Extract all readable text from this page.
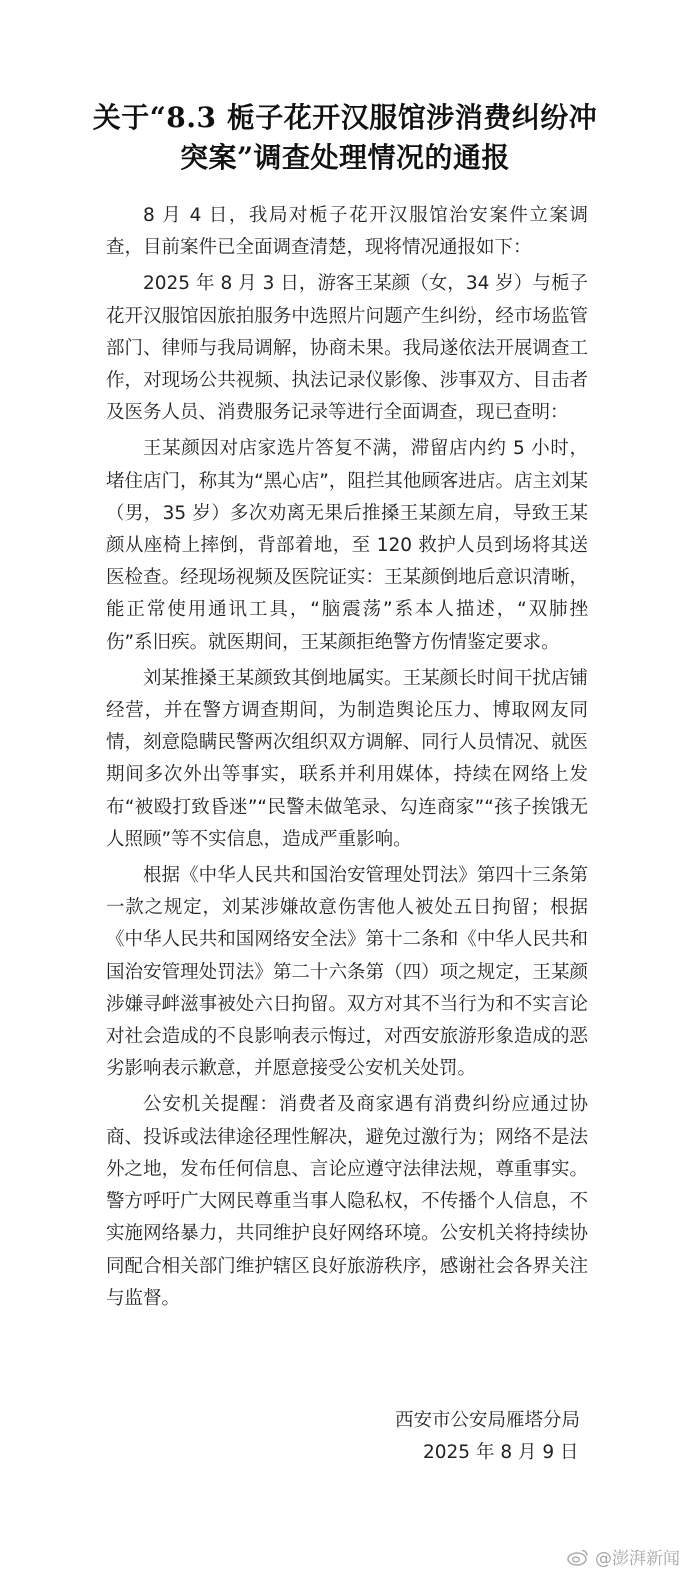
关于“8.3 栀子花开汉服馆涉消费纠纷冲突案”调查处理情况的通报

8 月 4 日，我局对栀子花开汉服馆治安案件立案调查，目前案件已全面调查清楚，现将情况通报如下：

2025 年 8 月 3 日，游客王某颜（女，34 岁）与栀子花开汉服馆因旅拍服务中选照片问题产生纠纷，经市场监管部门、律师与我局调解，协商未果。我局遂依法开展调查工作，对现场公共视频、执法记录仪影像、涉事双方、目击者及医务人员、消费服务记录等进行全面调查，现已查明：

王某颜因对店家选片答复不满，滞留店内约 5 小时，堵住店门，称其为“黑心店”，阻拦其他顾客进店。店主刘某（男，35 岁）多次劝离无果后推搡王某颜左肩，导致王某颜从座椅上摔倒，背部着地，至 120 救护人员到场将其送医检查。经现场视频及医院证实：王某颜倒地后意识清晰，能正常使用通讯工具，“脑震荡”系本人描述，“双肺挫伤”系旧疾。就医期间，王某颜拒绝警方伤情鉴定要求。

刘某推搡王某颜致其倒地属实。王某颜长时间干扰店铺经营，并在警方调查期间，为制造舆论压力、博取网友同情，刻意隐瞒民警两次组织双方调解、同行人员情况、就医期间多次外出等事实，联系并利用媒体，持续在网络上发布“被殴打致昏迷”“民警未做笔录、勾连商家”“孩子挨饿无人照顾”等不实信息，造成严重影响。

根据《中华人民共和国治安管理处罚法》第四十三条第一款之规定，刘某涉嫌故意伤害他人被处五日拘留；根据《中华人民共和国网络安全法》第十二条和《中华人民共和国治安管理处罚法》第二十六条第（四）项之规定，王某颜涉嫌寻衅滋事被处六日拘留。双方对其不当行为和不实言论对社会造成的不良影响表示悔过，对西安旅游形象造成的恶劣影响表示歉意，并愿意接受公安机关处罚。

公安机关提醒：消费者及商家遇有消费纠纷应通过协商、投诉或法律途径理性解决，避免过激行为；网络不是法外之地，发布任何信息、言论应遵守法律法规，尊重事实。警方呼吁广大网民尊重当事人隐私权，不传播个人信息，不实施网络暴力，共同维护良好网络环境。公安机关将持续协同配合相关部门维护辖区良好旅游秩序，感谢社会各界关注与监督。

西安市公安局雁塔分局
2025 年 8 月 9 日
@澎湃新闻
